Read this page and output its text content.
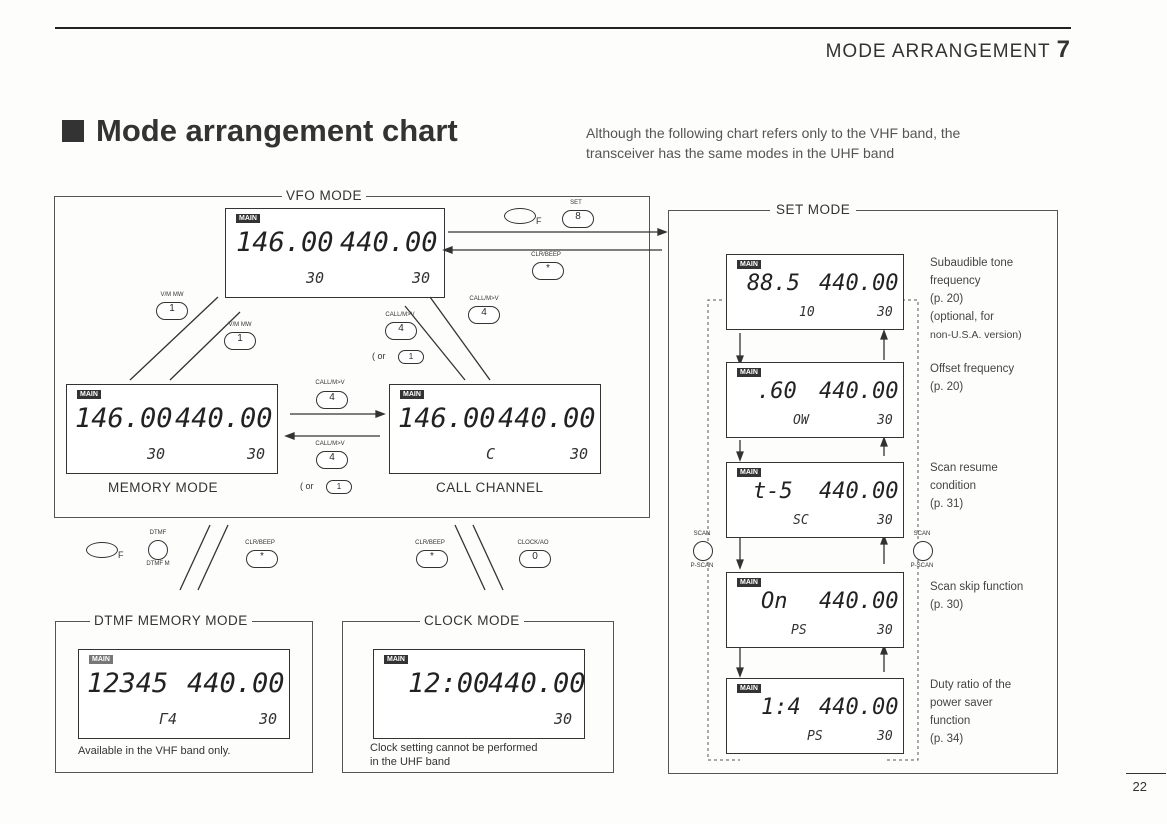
MODE ARRANGEMENT 7
Mode arrangement chart	Although the following chart refers only to the VHF band, the
transceiver has the same modes in the UHF band
VFO MODE
MAIN
146.00 440.00
30	30
MAIN
146.00 440.00
30	30
MEMORY MODE
MAIN
146.00 440.00
C	30
CALL CHANNEL
V/M MW
1
V/M MW
1
CALL/M>V
4
( or	1
CALL/M>V
4
CALL/M>V
4
CALL/M>V
4
( or	1
F
SET
8
CLR/BEEP
*
F
DTMF
DTMF M
CLR/BEEP
*
CLR/BEEP
*
CLOCK/AO
0
DTMF MEMORY MODE
MAIN
12345 440.00
Γ4	30
Available in the VHF band only.
CLOCK MODE
MAIN
12:00
440.00
30
Clock setting cannot be performed
in the UHF band
SET MODE
MAIN
88.5 440.00
10	30
MAIN
.60 440.00
OW	30
MAIN
t-5 440.00
SC	30
MAIN
On 440.00
PS	30
MAIN
1:4 440.00
PS	30
Subaudible tone
frequency
(p. 20)
(optional, for
non-U.S.A. version)
Offset frequency
(p. 20)
Scan resume
condition
(p. 31)
Scan skip function
(p. 30)
Duty ratio of the
power saver
function
(p. 34)
SCAN
P-SCAN
SCAN
P-SCAN
22
